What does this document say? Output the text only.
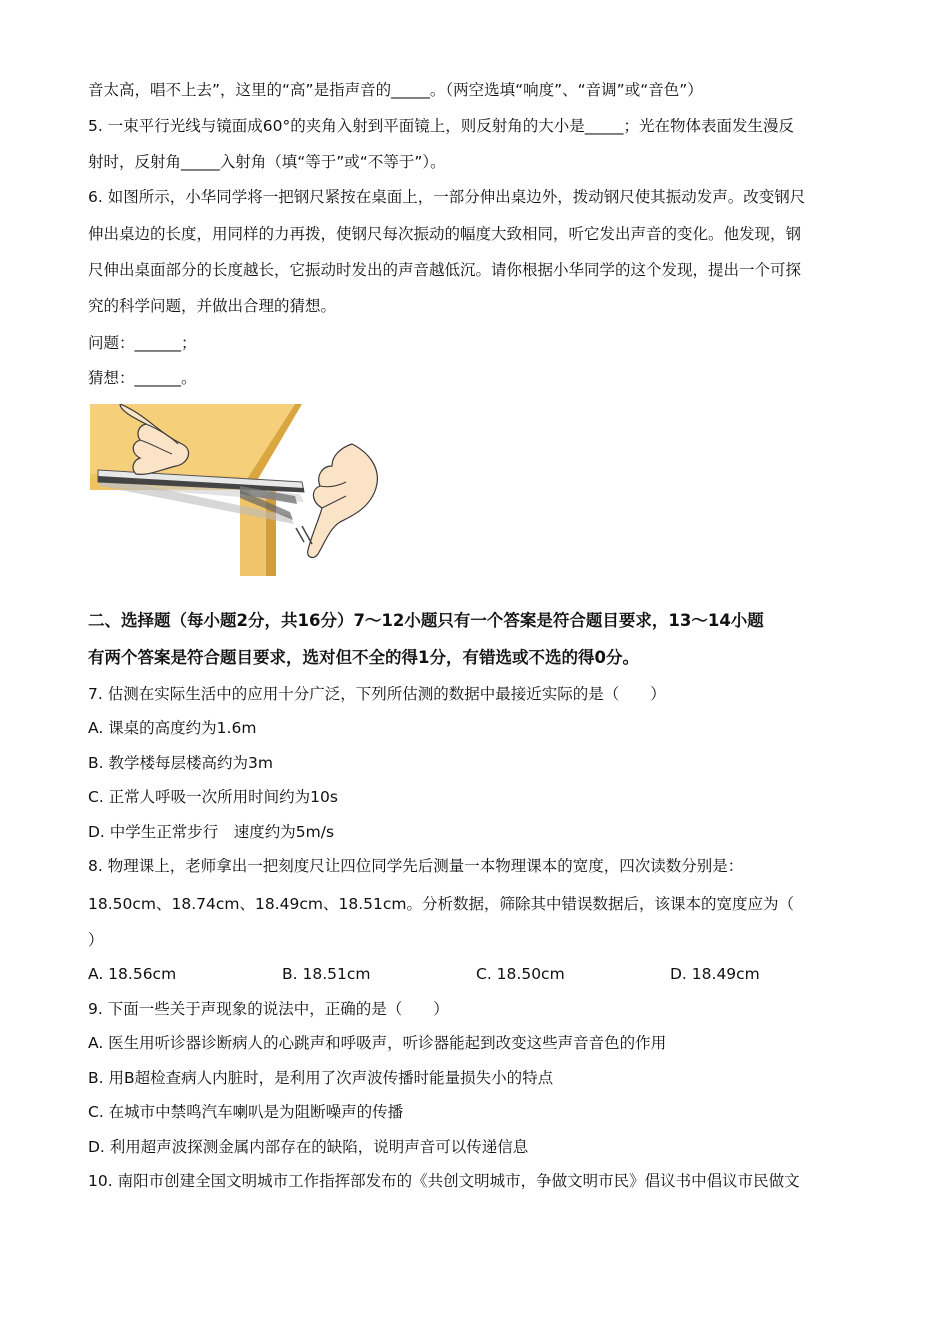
音太高，唱不上去”，这里的“高”是指声音的_____。（两空选填“响度”、“音调”或“音色”）
5. 一束平行光线与镜面成60°的夹角入射到平面镜上，则反射角的大小是_____；光在物体表面发生漫反
射时，反射角_____入射角（填“等于”或“不等于”）。
6. 如图所示，小华同学将一把钢尺紧按在桌面上，一部分伸出桌边外，拨动钢尺使其振动发声。改变钢尺
伸出桌边的长度，用同样的力再拨，使钢尺每次振动的幅度大致相同，听它发出声音的变化。他发现，钢
尺伸出桌面部分的长度越长，它振动时发出的声音越低沉。请你根据小华同学的这个发现，提出一个可探
究的科学问题，并做出合理的猜想。
问题：______；
猜想：______。
二、选择题（每小题2分，共16分）7～12小题只有一个答案是符合题目要求，13～14小题
有两个答案是符合题目要求，选对但不全的得1分，有错选或不选的得0分。
7. 估测在实际生活中的应用十分广泛，下列所估测的数据中最接近实际的是（　　）
A. 课桌的高度约为1.6m
B. 教学楼每层楼高约为3m
C. 正常人呼吸一次所用时间约为10s
D. 中学生正常步行　速度约为5m/s
8. 物理课上，老师拿出一把刻度尺让四位同学先后测量一本物理课本的宽度，四次读数分别是：
18.50cm、18.74cm、18.49cm、18.51cm。分析数据，筛除其中错误数据后，该课本的宽度应为（
）
A. 18.56cm	B. 18.51cm	C. 18.50cm	D. 18.49cm
9. 下面一些关于声现象的说法中，正确的是（　　）
A. 医生用听诊器诊断病人的心跳声和呼吸声，听诊器能起到改变这些声音音色的作用
B. 用B超检查病人内脏时，是利用了次声波传播时能量损失小的特点
C. 在城市中禁鸣汽车喇叭是为阻断噪声的传播
D. 利用超声波探测金属内部存在的缺陷，说明声音可以传递信息
10. 南阳市创建全国文明城市工作指挥部发布的《共创文明城市，争做文明市民》倡议书中倡议市民做文
